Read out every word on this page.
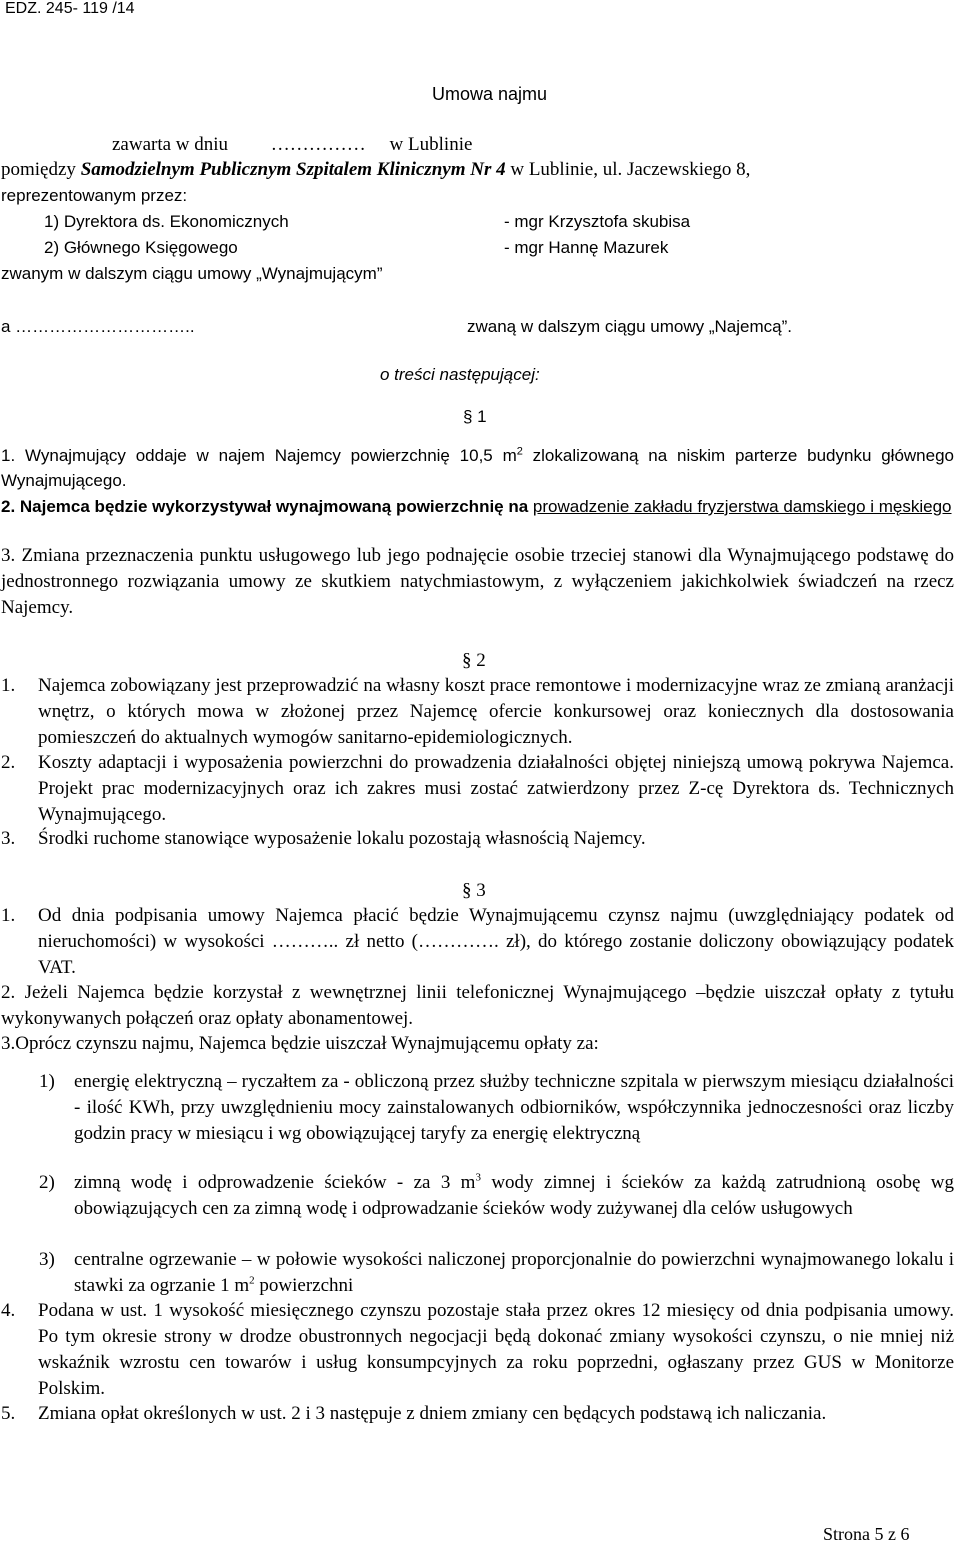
EDZ. 245- 119 /14
Umowa najmu
zawarta w dniu         ……………     w Lublinie
pomiędzy Samodzielnym Publicznym Szpitalem Klinicznym Nr 4 w Lublinie, ul. Jaczewskiego 8,
reprezentowanym przez:
1) Dyrektora ds. Ekonomicznych	- mgr Krzysztofa skubisa
2) Głównego Księgowego	- mgr Hannę Mazurek
zwanym w dalszym ciągu umowy „Wynajmującym”
a …………………………..	zwaną w dalszym ciągu umowy „Najemcą”.
o treści następującej:
§ 1
1. Wynajmujący oddaje w najem Najemcy powierzchnię 10,5 $m^2$ zlokalizowaną na niskim parterze budynku głównego Wynajmującego.
2. Najemca będzie wykorzystywał wynajmowaną powierzchnię na prowadzenie zakładu fryzjerstwa damskiego i męskiego
3. Zmiana przeznaczenia punktu usługowego lub jego podnajęcie osobie trzeciej stanowi dla Wynajmującego podstawę do jednostronnego rozwiązania umowy ze skutkiem natychmiastowym, z wyłączeniem jakichkolwiek świadczeń na rzecz Najemcy.
§ 2
1. Najemca zobowiązany jest przeprowadzić na własny koszt prace remontowe i modernizacyjne wraz ze zmianą aranżacji wnętrz, o których mowa w złożonej przez Najemcę ofercie konkursowej oraz koniecznych dla dostosowania pomieszczeń do aktualnych wymogów sanitarno-epidemiologicznych.
2. Koszty adaptacji i wyposażenia powierzchni do prowadzenia działalności objętej niniejszą umową pokrywa Najemca. Projekt prac modernizacyjnych oraz ich zakres musi zostać zatwierdzony przez Z-cę Dyrektora ds. Technicznych Wynajmującego.
3. Środki ruchome stanowiące wyposażenie lokalu pozostają własnością Najemcy.
§ 3
1. Od dnia podpisania umowy Najemca płacić będzie Wynajmującemu czynsz najmu (uwzględniający podatek od nieruchomości) w wysokości ……….. zł netto (…………. zł), do którego zostanie doliczony obowiązujący podatek VAT.
2. Jeżeli Najemca będzie korzystał z wewnętrznej linii telefonicznej Wynajmującego –będzie uiszczał opłaty z tytułu wykonywanych połączeń oraz opłaty abonamentowej.
3.Oprócz czynszu najmu, Najemca będzie uiszczał Wynajmującemu opłaty za:
1) energię elektryczną – ryczałtem za - obliczoną przez służby techniczne szpitala w pierwszym miesiącu działalności - ilość KWh, przy uwzględnieniu mocy zainstalowanych odbiorników, współczynnika jednoczesności oraz liczby godzin pracy w miesiącu i wg obowiązującej taryfy za energię elektryczną
2) zimną wodę i odprowadzenie ścieków - za 3 $m^3$ wody zimnej i ścieków za każdą zatrudnioną osobę wg obowiązujących cen za zimną wodę i odprowadzanie ścieków wody zużywanej dla celów usługowych
3) centralne ogrzewanie – w połowie wysokości naliczonej proporcjonalnie do powierzchni wynajmowanego lokalu i stawki za ogrzanie 1 $m^2$ powierzchni
4. Podana w ust. 1 wysokość miesięcznego czynszu pozostaje stała przez okres 12 miesięcy od dnia podpisania umowy. Po tym okresie strony w drodze obustronnych negocjacji będą dokonać zmiany wysokości czynszu, o nie mniej niż wskaźnik wzrostu cen towarów i usług konsumpcyjnych za roku poprzedni, ogłaszany przez GUS w Monitorze Polskim.
5. Zmiana opłat określonych w ust. 2 i 3 następuje z dniem zmiany cen będących podstawą ich naliczania.
Strona 5 z 6
